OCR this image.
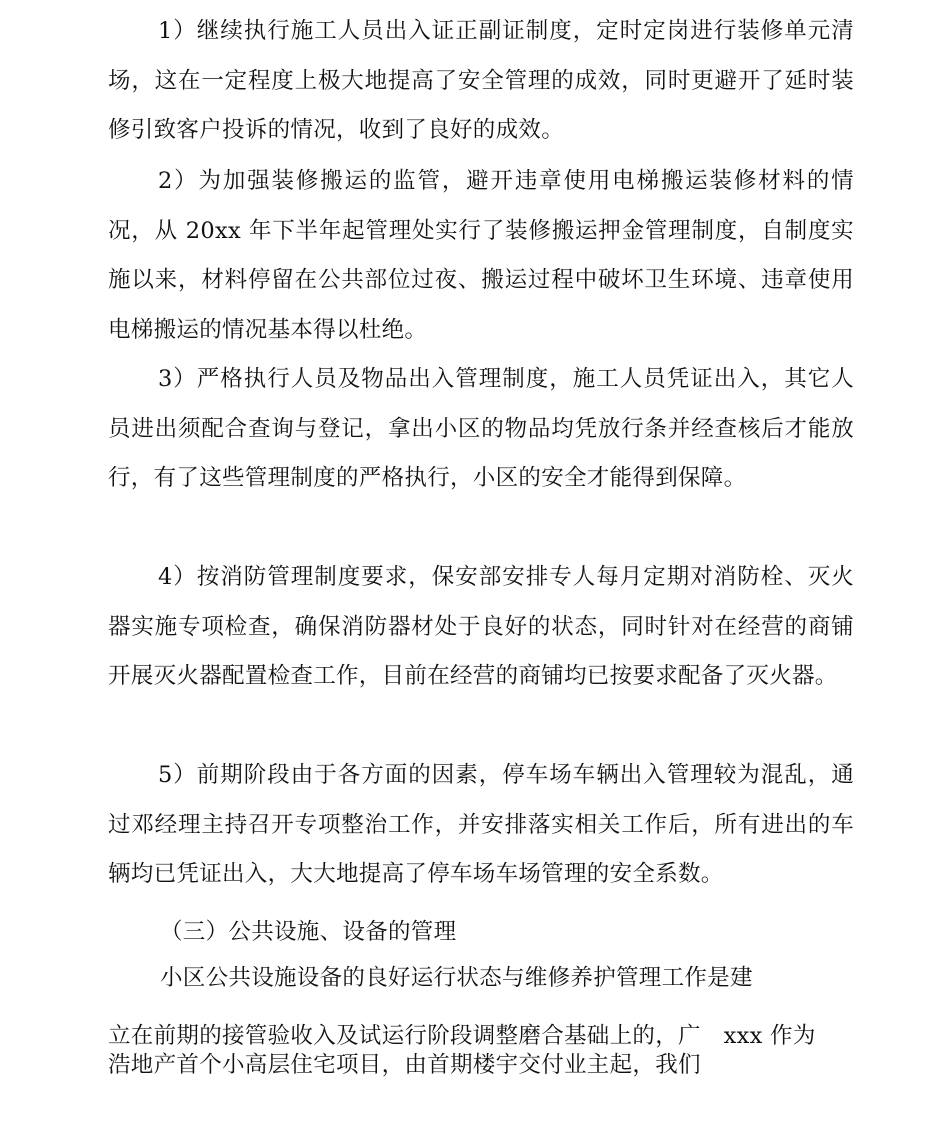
1）继续执行施工人员出入证正副证制度，定时定岗进行装修单元清场，这在一定程度上极大地提高了安全管理的成效，同时更避开了延时装修引致客户投诉的情况，收到了良好的成效。

2）为加强装修搬运的监管，避开违章使用电梯搬运装修材料的情况，从 20xx 年下半年起管理处实行了装修搬运押金管理制度，自制度实施以来，材料停留在公共部位过夜、搬运过程中破坏卫生环境、违章使用电梯搬运的情况基本得以杜绝。

3）严格执行人员及物品出入管理制度，施工人员凭证出入，其它人员进出须配合查询与登记，拿出小区的物品均凭放行条并经查核后才能放行，有了这些管理制度的严格执行，小区的安全才能得到保障。

4）按消防管理制度要求，保安部安排专人每月定期对消防栓、灭火器实施专项检查，确保消防器材处于良好的状态，同时针对在经营的商铺开展灭火器配置检查工作，目前在经营的商铺均已按要求配备了灭火器。

5）前期阶段由于各方面的因素，停车场车辆出入管理较为混乱，通过邓经理主持召开专项整治工作，并安排落实相关工作后，所有进出的车辆均已凭证出入，大大地提高了停车场车场管理的安全系数。

（三）公共设施、设备的管理

小区公共设施设备的良好运行状态与维修养护管理工作是建

立在前期的接管验收入及试运行阶段调整磨合基础上的，广　xxx 作为

浩地产首个小高层住宅项目，由首期楼宇交付业主起，我们
